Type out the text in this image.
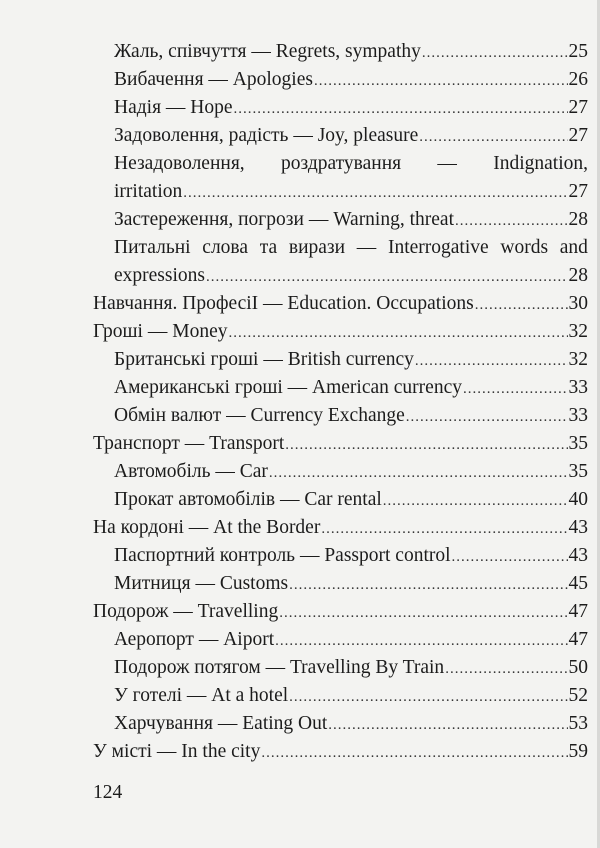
Жаль, співчуття — Regrets, sympathy .....	25
Вибачення — Apologies .....	26
Надія — Hope .....	27
Задоволення, радість — Joy, pleasure .....	27
Незадоволення, роздратування — Indignation,
irritation .....	27
Застереження, погрози — Warning, threat .....	28
Питальні слова та вирази — Interrogative words and
expressions .....	28
Навчання. ПрофесiI — Education. Occupations .....	30
Гроші — Money .....	32
Британські гроші — British currency .....	32
Американські гроші — American currency .....	33
Обмін валют — Currency Exchange .....	33
Транспорт — Transport .....	35
Автомобіль — Car .....	35
Прокат автомобілів — Car rental .....	40
На кордоні — At the Border .....	43
Паспортний контроль — Passport control .....	43
Митниця — Customs .....	45
Подорож — Travelling .....	47
Аеропорт — Aiport .....	47
Подорож потягом — Travelling By Train .....	50
У готелі — At a hotel .....	52
Харчування — Eating Out .....	53
У місті — In the city .....	59
124
